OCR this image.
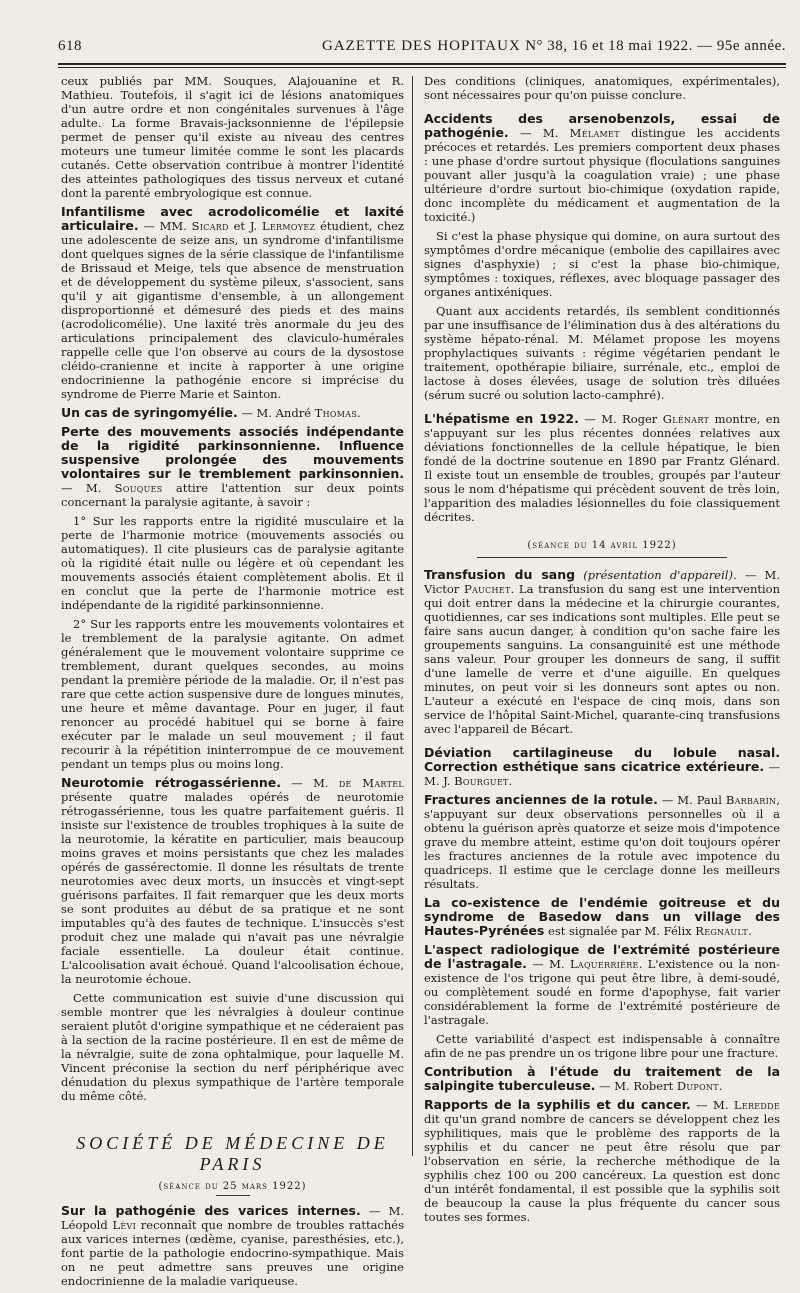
618	GAZETTE DES HOPITAUX N° 38, 16 et 18 mai 1922. — 95e année.

ceux publiés par MM. Souques, Alajouanine et R. Mathieu. Toutefois, il s'agit ici de lésions anatomiques d'un autre ordre et non congénitales survenues à l'âge adulte. La forme Bravais-jacksonnienne de l'épilepsie permet de penser qu'il existe au niveau des centres moteurs une tumeur limitée comme le sont les placards cutanés. Cette observation contribue à montrer l'identité des atteintes pathologiques des tissus nerveux et cutané dont la parenté embryologique est connue.

Infantilisme avec acrodolicomélie et laxité articulaire. — MM. Sicard et J. Lermoyez étudient, chez une adolescente de seize ans, un syndrome d'infantilisme dont quelques signes de la série classique de l'infantilisme de Brissaud et Meige, tels que absence de menstruation et de développement du système pileux, s'associent, sans qu'il y ait gigantisme d'ensemble, à un allongement disproportionné et démesuré des pieds et des mains (acrodolicomélie). Une laxité très anormale du jeu des articulations principalement des claviculo-humérales rappelle celle que l'on observe au cours de la dysostose cléido-cranienne et incite à rapporter à une origine endocrinienne la pathogénie encore si imprécise du syndrome de Pierre Marie et Sainton.

Un cas de syringomyélie. — M. André Thomas.

Perte des mouvements associés indépendante de la rigidité parkinsonnienne. Influence suspensive prolongée des mouvements volontaires sur le tremblement parkinsonnien. — M. Souques attire l'attention sur deux points concernant la paralysie agitante, à savoir :

1° Sur les rapports entre la rigidité musculaire et la perte de l'harmonie motrice (mouvements associés ou automatiques). Il cite plusieurs cas de paralysie agitante où la rigidité était nulle ou légère et où cependant les mouvements associés étaient complètement abolis. Et il en conclut que la perte de l'harmonie motrice est indépendante de la rigidité parkinsonnienne.

2° Sur les rapports entre les mouvements volontaires et le tremblement de la paralysie agitante. On admet généralement que le mouvement volontaire supprime ce tremblement, durant quelques secondes, au moins pendant la première période de la maladie. Or, il n'est pas rare que cette action suspensive dure de longues minutes, une heure et même davantage. Pour en juger, il faut renoncer au procédé habituel qui se borne à faire exécuter par le malade un seul mouvement ; il faut recourir à la répétition ininterrompue de ce mouvement pendant un temps plus ou moins long.

Neurotomie rétrogassérienne. — M. de Martel présente quatre malades opérés de neurotomie rétrogassérienne, tous les quatre parfaitement guéris. Il insiste sur l'existence de troubles trophiques à la suite de la neurotomie, la kératite en particulier, mais beaucoup moins graves et moins persistants que chez les malades opérés de gassérectomie. Il donne les résultats de trente neurotomies avec deux morts, un insuccès et vingt-sept guérisons parfaites. Il fait remarquer que les deux morts se sont produites au début de sa pratique et ne sont imputables qu'à des fautes de technique. L'insuccès s'est produit chez une malade qui n'avait pas une névralgie faciale essentielle. La douleur était continue. L'alcoolisation avait échoué. Quand l'alcoolisation échoue, la neurotomie échoue.

Cette communication est suivie d'une discussion qui semble montrer que les névralgies à douleur continue seraient plutôt d'origine sympathique et ne céderaient pas à la section de la racine postérieure. Il en est de même de la névralgie, suite de zona ophtalmique, pour laquelle M. Vincent préconise la section du nerf périphérique avec dénudation du plexus sympathique de l'artère temporale du même côté.

SOCIÉTÉ DE MÉDECINE DE PARIS
(séance du 25 mars 1922)

Sur la pathogénie des varices internes. — M. Léopold Lévi reconnaît que nombre de troubles rattachés aux varices internes (œdème, cyanise, paresthésies, etc.), font partie de la pathologie endocrino-sympathique. Mais on ne peut admettre sans preuves une origine endocrinienne de la maladie variqueuse.

Des conditions (cliniques, anatomiques, expérimentales), sont nécessaires pour qu'on puisse conclure.

Accidents des arsenobenzols, essai de pathogénie. — M. Mélamet distingue les accidents précoces et retardés. Les premiers comportent deux phases : une phase d'ordre surtout physique (floculations sanguines pouvant aller jusqu'à la coagulation vraie) ; une phase ultérieure d'ordre surtout bio-chimique (oxydation rapide, donc incomplète du médicament et augmentation de la toxicité.)

Si c'est la phase physique qui domine, on aura surtout des symptômes d'ordre mécanique (embolie des capillaires avec signes d'asphyxie) ; si c'est la phase bio-chimique, symptômes : toxiques, réflexes, avec bloquage passager des organes antixéniques.

Quant aux accidents retardés, ils semblent conditionnés par une insuffisance de l'élimination dus à des altérations du système hépato-rénal. M. Mélamet propose les moyens prophylactiques suivants : régime végétarien pendant le traitement, opothérapie biliaire, surrénale, etc., emploi de lactose à doses élevées, usage de solution très diluées (sérum sucré ou solution lacto-camphré).

L'hépatisme en 1922. — M. Roger Glénart montre, en s'appuyant sur les plus récentes données relatives aux déviations fonctionnelles de la cellule hépatique, le bien fondé de la doctrine soutenue en 1890 par Frantz Glénard. Il existe tout un ensemble de troubles, groupés par l'auteur sous le nom d'hépatisme qui précèdent souvent de très loin, l'apparition des maladies lésionnelles du foie classiquement décrites.

(séance du 14 avril 1922)

Transfusion du sang (présentation d'appareil). — M. Victor Pauchet. La transfusion du sang est une intervention qui doit entrer dans la médecine et la chirurgie courantes, quotidiennes, car ses indications sont multiples. Elle peut se faire sans aucun danger, à condition qu'on sache faire les groupements sanguins. La consanguinité est une méthode sans valeur. Pour grouper les donneurs de sang, il suffit d'une lamelle de verre et d'une aiguille. En quelques minutes, on peut voir si les donneurs sont aptes ou non. L'auteur a exécuté en l'espace de cinq mois, dans son service de l'hôpital Saint-Michel, quarante-cinq transfusions avec l'appareil de Bécart.

Déviation cartilagineuse du lobule nasal. Correction esthétique sans cicatrice extérieure. — M. J. Bourguet.

Fractures anciennes de la rotule. — M. Paul Barbarin, s'appuyant sur deux observations personnelles où il a obtenu la guérison après quatorze et seize mois d'impotence grave du membre atteint, estime qu'on doit toujours opérer les fractures anciennes de la rotule avec impotence du quadriceps. Il estime que le cerclage donne les meilleurs résultats.

La co-existence de l'endémie goitreuse et du syndrome de Basedow dans un village des Hautes-Pyrénées est signalée par M. Félix Regnault.

L'aspect radiologique de l'extrémité postérieure de l'astragale. — M. Laquerrière. L'existence ou la non-existence de l'os trigone qui peut être libre, à demi-soudé, ou complètement soudé en forme d'apophyse, fait varier considérablement la forme de l'extrémité postérieure de l'astragale.

Cette variabilité d'aspect est indispensable à connaître afin de ne pas prendre un os trigone libre pour une fracture.

Contribution à l'étude du traitement de la salpingite tuberculeuse. — M. Robert Dupont.

Rapports de la syphilis et du cancer. — M. Leredde dit qu'un grand nombre de cancers se développent chez les syphilitiques, mais que le problème des rapports de la syphilis et du cancer ne peut être résolu que par l'observation en série, la recherche méthodique de la syphilis chez 100 ou 200 cancéreux. La question est donc d'un intérêt fondamental, il est possible que la syphilis soit de beaucoup la cause la plus fréquente du cancer sous toutes ses formes.
